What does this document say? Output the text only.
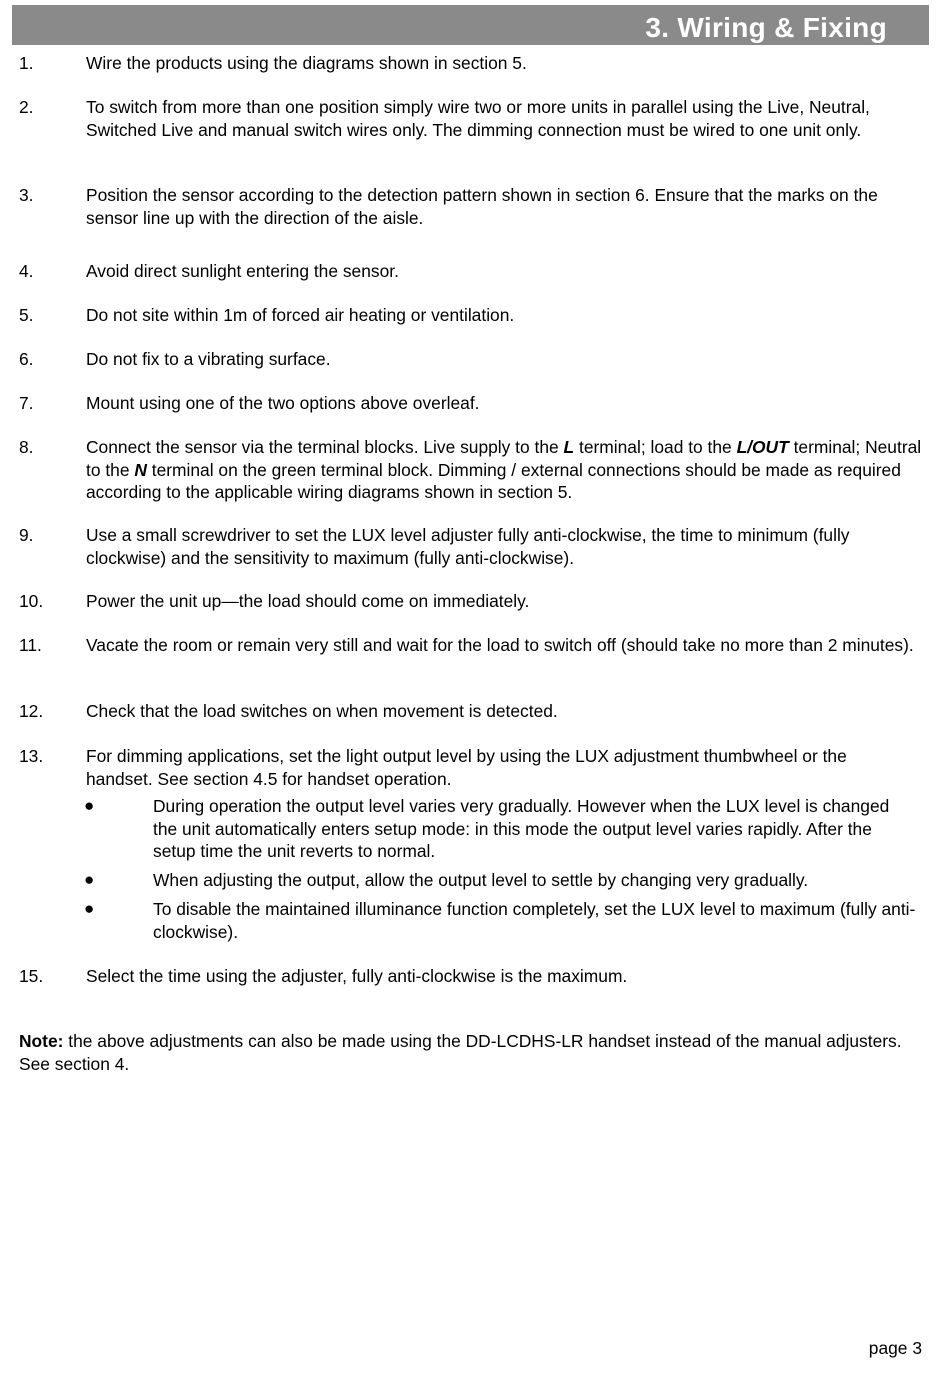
3. Wiring & Fixing
1.	Wire the products using the diagrams shown in section 5.
2.	To switch from more than one position simply wire two or more units in parallel using the Live, Neutral, Switched Live and manual switch wires only. The dimming connection must be wired to one unit only.
3.	Position the sensor according to the detection pattern shown in section 6. Ensure that the marks on the sensor line up with the direction of the aisle.
4.	Avoid direct sunlight entering the sensor.
5.	Do not site within 1m of forced air heating or ventilation.
6.	Do not fix to a vibrating surface.
7.	Mount using one of the two options above overleaf.
8.	Connect the sensor via the terminal blocks. Live supply to the L terminal; load to the L/OUT terminal; Neutral to the N terminal on the green terminal block. Dimming / external connections should be made as required according to the applicable wiring diagrams shown in section 5.
9.	Use a small screwdriver to set the LUX level adjuster fully anti-clockwise, the time to minimum (fully clockwise) and the sensitivity to maximum (fully anti-clockwise).
10. Power the unit up—the load should come on immediately.
11.	Vacate the room or remain very still and wait for the load to switch off (should take no more than 2 minutes).
12. Check that the load switches on when movement is detected.
13. For dimming applications, set the light output level by using the LUX adjustment thumbwheel or the handset. See section 4.5 for handset operation.
●	During operation the output level varies very gradually. However when the LUX level is changed the unit automatically enters setup mode: in this mode the output level varies rapidly. After the setup time the unit reverts to normal.
●	When adjusting the output, allow the output level to settle by changing very gradually.
●	To disable the maintained illuminance function completely, set the LUX level to maximum (fully anti-clockwise).
15. Select the time using the adjuster, fully anti-clockwise is the maximum.
Note: the above adjustments can also be made using the DD-LCDHS-LR handset instead of the manual adjusters. See section 4.
page 3
